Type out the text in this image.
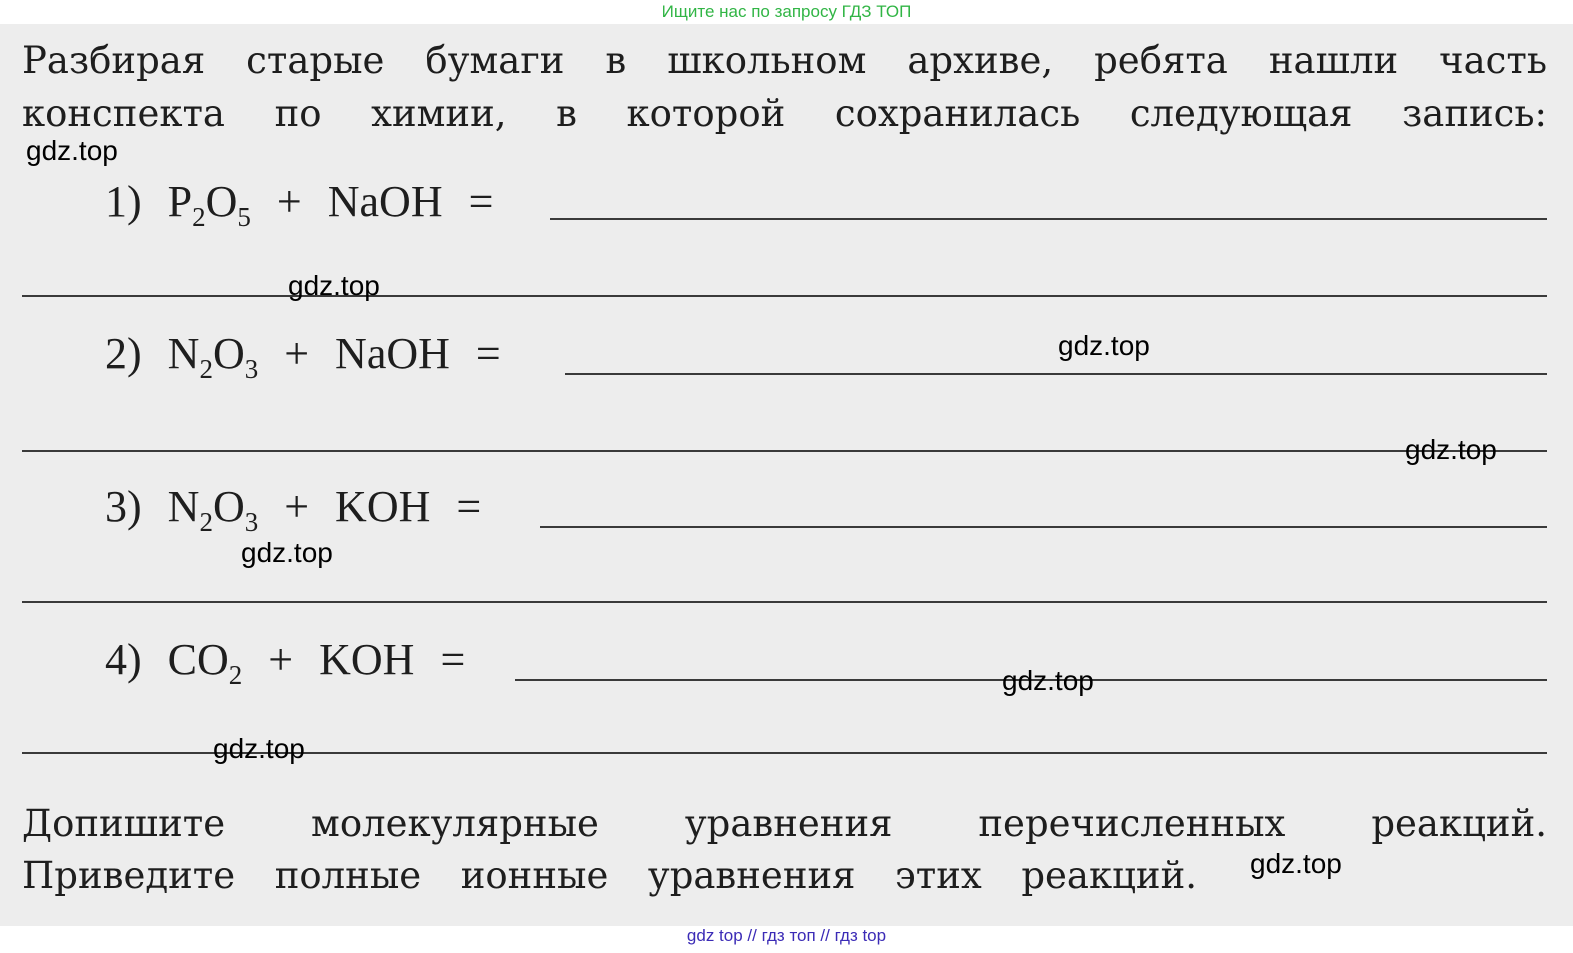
Ищите нас по запросу ГДЗ ТОП

Разбирая старые бумаги в школьном архиве, ребята нашли часть

конспекта по химии, в которой сохранилась следующая запись:

1) $P_2O_5$ + NaOH =

2) $N_2O_3$ + NaOH =

3) $N_2O_3$ + KOH =

4) $CO_2$ + KOH =

Допишите молекулярные уравнения перечисленных реакций.

Приведите полные ионные уравнения этих реакций.

gdz.top
gdz.top
gdz.top
gdz.top
gdz.top
gdz.top
gdz.top
gdz.top
gdz top // гдз топ // гдз top
